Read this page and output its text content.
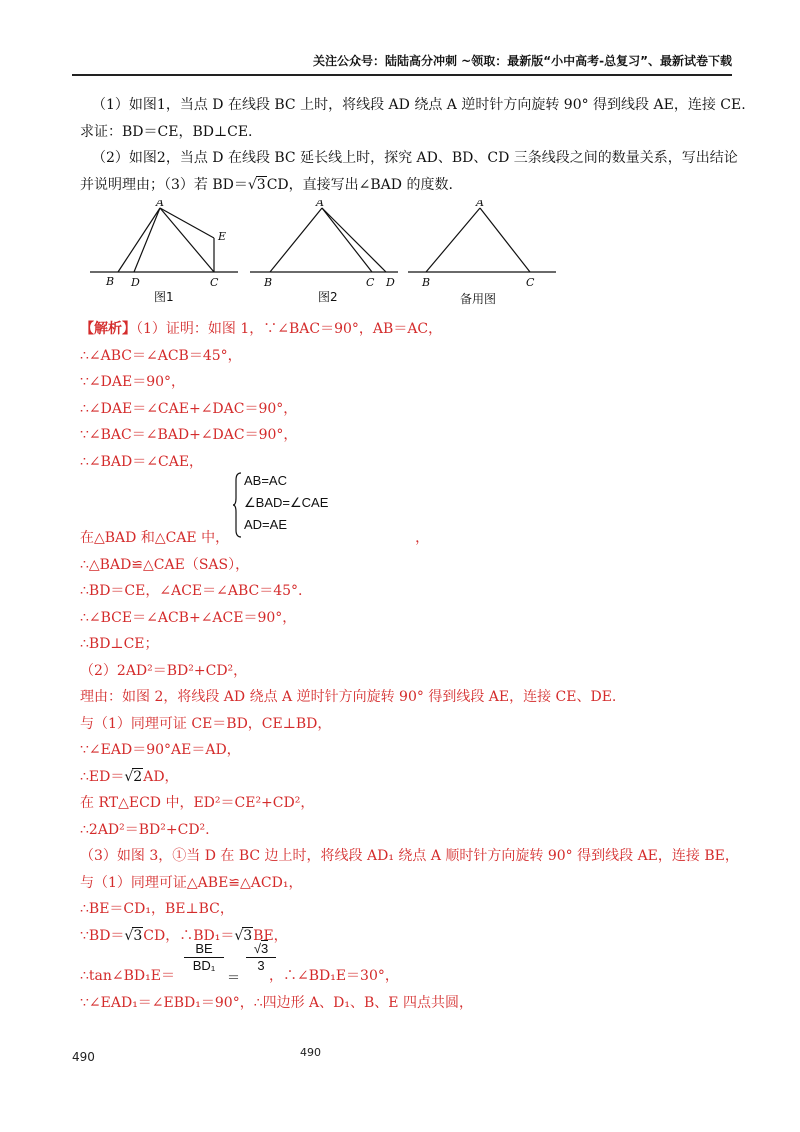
关注公众号：陆陆高分冲刺 ~领取：最新版“小中高考-总复习”、最新试卷下载
（1）如图1，当点 D 在线段 BC 上时，将线段 AD 绕点 A 逆时针方向旋转 90° 得到线段 AE，连接 CE.
求证：BD＝CE，BD⊥CE.
（2）如图2，当点 D 在线段 BC 延长线上时，探究 AD、BD、CD 三条线段之间的数量关系，写出结论
并说明理由；（3）若 BD＝√3CD，直接写出∠BAD 的度数.
A
B D	C
E
图1
A
B	C D
图2
A
B	C
备用图
【解析】（1）证明：如图 1，∵∠BAC＝90°，AB＝AC，
∴∠ABC＝∠ACB＝45°，
∵∠DAE＝90°，
∴∠DAE＝∠CAE+∠DAC＝90°，
∵∠BAC＝∠BAD+∠DAC＝90°，
∴∠BAD＝∠CAE，
在△BAD 和△CAE 中，	，
∴△BAD≌△CAE（SAS），
∴BD＝CE，∠ACE＝∠ABC＝45°.
∴∠BCE＝∠ACB+∠ACE＝90°，
∴BD⊥CE；
（2）2AD²＝BD²+CD²，
理由：如图 2，将线段 AD 绕点 A 逆时针方向旋转 90° 得到线段 AE，连接 CE、DE.
与（1）同理可证 CE＝BD，CE⊥BD，
∵∠EAD＝90°AE＝AD，
∴ED＝√2AD，
在 RT△ECD 中，ED²＝CE²+CD²，
∴2AD²＝BD²+CD².
（3）如图 3，①当 D 在 BC 边上时，将线段 AD₁ 绕点 A 顺时针方向旋转 90° 得到线段 AE，连接 BE，
与（1）同理可证△ABE≌△ACD₁，
∴BE＝CD₁，BE⊥BC，
∵BD＝√3CD，∴BD₁＝√3BE，
∴tan∠BD₁E＝	，∴∠BD₁E＝30°，
$\frac{BE}{\text{BD₁}}$
＝
$\frac{√3}{3}$
∵∠EAD₁＝∠EBD₁＝90°，∴四边形 A、D₁、B、E 四点共圆，
AB=AC
∠BAD=∠CAE
AD=AE
490	490
